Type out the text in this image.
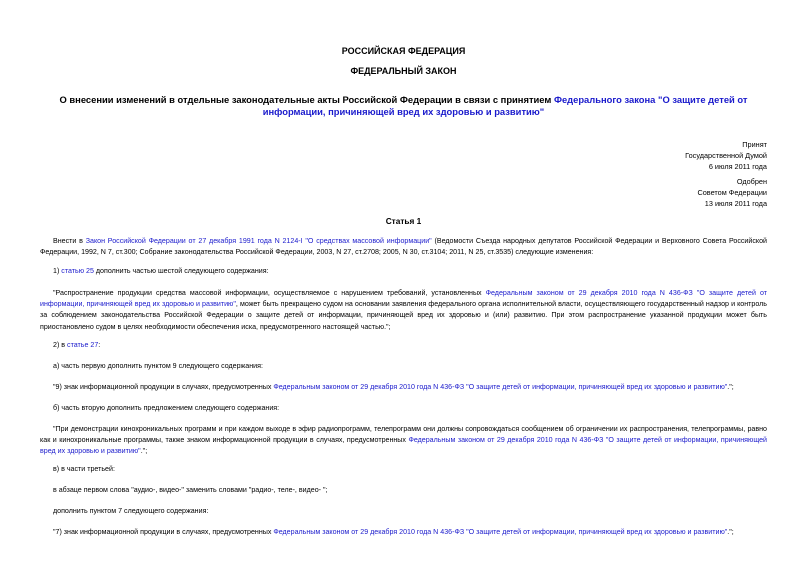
РОССИЙСКАЯ ФЕДЕРАЦИЯ
ФЕДЕРАЛЬНЫЙ ЗАКОН
О внесении изменений в отдельные законодательные акты Российской Федерации в связи с принятием Федерального закона "О защите детей от информации, причиняющей вред их здоровью и развитию"
Принят
Государственной Думой
6 июля 2011 года
Одобрен
Советом Федерации
13 июля 2011 года
Статья 1

Внести в Закон Российской Федерации от 27 декабря 1991 года N 2124-I "О средствах массовой информации" (Ведомости Съезда народных депутатов Российской Федерации и Верховного Совета Российской Федерации, 1992, N 7, ст.300; Собрание законодательства Российской Федерации, 2003, N 27, ст.2708; 2005, N 30, ст.3104; 2011, N 25, ст.3535) следующие изменения:

1) статью 25 дополнить частью шестой следующего содержания:

"Распространение продукции средства массовой информации, осуществляемое с нарушением требований, установленных Федеральным законом от 29 декабря 2010 года N 436-ФЗ "О защите детей от информации, причиняющей вред их здоровью и развитию", может быть прекращено судом на основании заявления федерального органа исполнительной власти, осуществляющего государственный надзор и контроль за соблюдением законодательства Российской Федерации о защите детей от информации, причиняющей вред их здоровью и (или) развитию. При этом распространение указанной продукции может быть приостановлено судом в целях необходимости обеспечения иска, предусмотренного настоящей частью.";

2) в статье 27:

а) часть первую дополнить пунктом 9 следующего содержания:

"9) знак информационной продукции в случаях, предусмотренных Федеральным законом от 29 декабря 2010 года N 436-ФЗ "О защите детей от информации, причиняющей вред их здоровью и развитию".";

б) часть вторую дополнить предложением следующего содержания:

"При демонстрации кинохроникальных программ и при каждом выходе в эфир радиопрограмм, телепрограмм они должны сопровождаться сообщением об ограничении их распространения, телепрограммы, равно как и кинохроникальные программы, также знаком информационной продукции в случаях, предусмотренных Федеральным законом от 29 декабря 2010 года N 436-ФЗ "О защите детей от информации, причиняющей вред их здоровью и развитию".";

в) в части третьей:

в абзаце первом слова "аудио-, видео-" заменить словами "радио-, теле-, видео- ";

дополнить пунктом 7 следующего содержания:

"7) знак информационной продукции в случаях, предусмотренных Федеральным законом от 29 декабря 2010 года N 436-ФЗ "О защите детей от информации, причиняющей вред их здоровью и развитию".";
